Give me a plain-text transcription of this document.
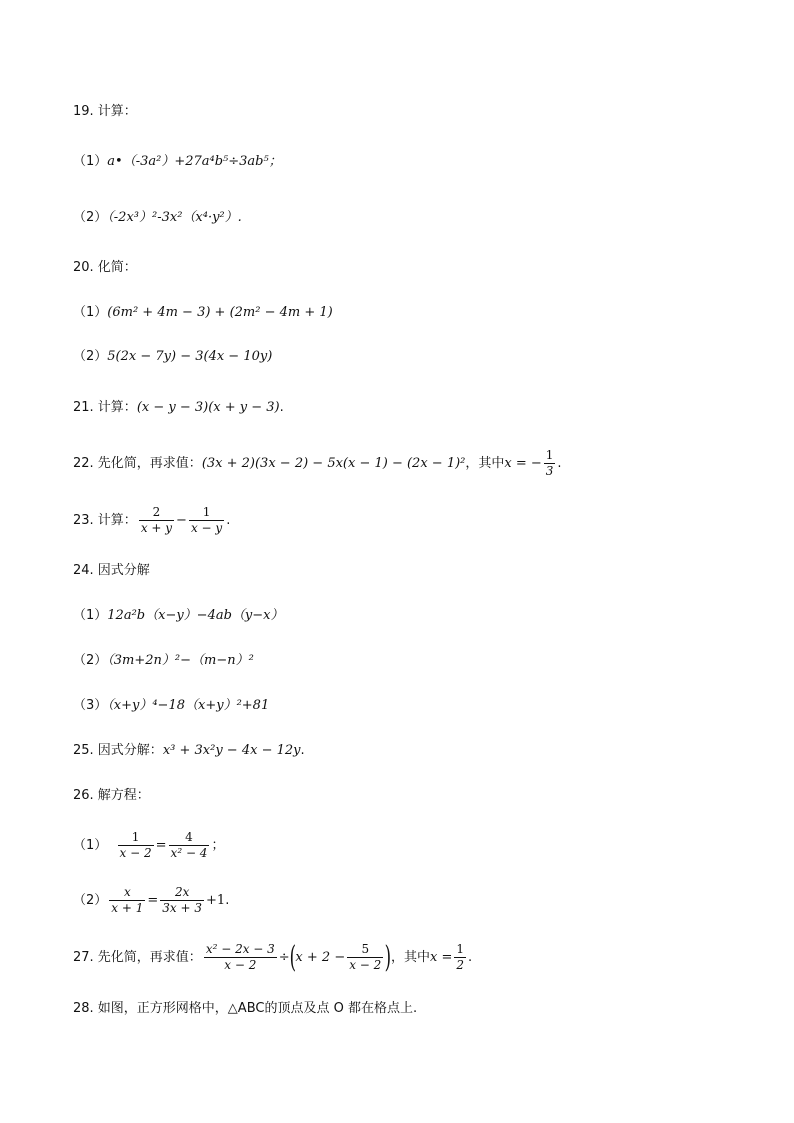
19. 计算：
（1）a•（-3a²）+27a⁴b⁵÷3ab⁵；
（2）（-2x³）²-3x²（x⁴·y²）.
20. 化简：
（1）(6m² + 4m − 3) + (2m² − 4m + 1)
（2）5(2x − 7y) − 3(4x − 10y)
21. 计算：(x − y − 3)(x + y − 3).
22. 先化简，再求值：(3x + 2)(3x − 2) − 5x(x − 1) − (2x − 1)²，其中x = − $\frac{1}{3}$ .
23. 计算： $\frac{2}{x + y} - \frac{1}{x - y}$ .
24. 因式分解
（1）12a²b（x−y）−4ab（y−x）
（2）（3m+2n）²−（m−n）²
（3）（x+y）⁴−18（x+y）²+81
25. 因式分解：x³ + 3x²y − 4x − 12y.
26. 解方程：
$(1) \frac{1}{x - 2} = \frac{4}{\text{x² − 4}}$ ；
$(2) \frac{x}{x + 1} = \frac{2x}{3x + 3} +1$.
27. 先化简，再求值： $\frac{\text{x² − 2x − 3}}{x - 2} \div(x + 2 - \frac{5}{x - 2}$ )，其中$x = \frac{1}{2}$ .
28. 如图，正方形网格中，△ABC的顶点及点 O 都在格点上.
